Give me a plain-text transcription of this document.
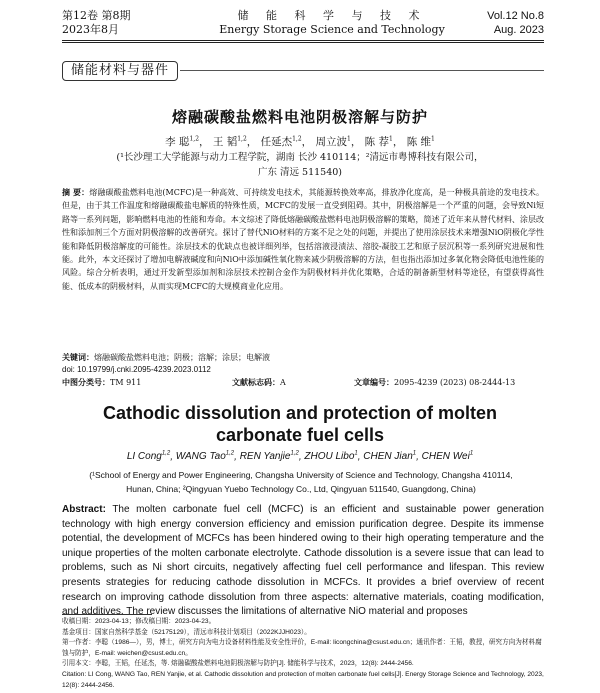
第12卷 第8期
2023年8月
储 能 科 学 与 技 术
Energy Storage Science and Technology
Vol.12 No.8
Aug. 2023
储能材料与器件
熔融碳酸盐燃料电池阴极溶解与防护
李 聪$^{1,2}$， 王 韬$^{1,2}$， 任延杰$^{1,2}$， 周立波$^1$， 陈 荐$^1$， 陈 维$^1$
(¹长沙理工大学能源与动力工程学院，湖南 长沙 410114；²清远市粤博科技有限公司，
广东 清远 511540)
摘 要：熔融碳酸盐燃料电池(MCFC)是一种高效、可持续发电技术，其能源转换效率高，排放净化度高，是一种极具前途的发电技术。但是，由于其工作温度和熔融碳酸盐电解质的特殊性质，MCFC的发展一直受到阻碍。其中，阴极溶解是一个严重的问题，会导致Ni短路等一系列问题，影响燃料电池的性能和寿命。本文综述了降低熔融碳酸盐燃料电池阴极溶解的策略，简述了近年来从替代材料、涂层改性和添加剂三个方面对阴极溶解的改善研究。探讨了替代NiO材料的方案不足之处的问题，并提出了使用涂层技术来增强NiO阴极化学性能和降低阴极溶解度的可能性。涂层技术的优缺点也被详细列举，包括溶液浸渍法、溶胶-凝胶工艺和原子层沉积等一系列研究进展和性能。此外，本文还探讨了增加电解液碱度和向NiO中添加碱性氧化物来减少阴极溶解的方法，但也指出添加过多氧化物会降低电池性能的风险。综合分析表明，通过开发新型添加剂和涂层技术控制合金作为阴极材料并优化策略，合适的制备新型材料等途径，有望获得高性能、低成本的阴极材料，从而实现MCFC的大规模商业化应用。
关键词：熔融碳酸盐燃料电池；阴极；溶解；涂层；电解液
doi: 10.19799/j.cnki.2095-4239.2023.0112
中图分类号： TM 911	文献标志码： A	文章编号： 2095-4239 (2023) 08-2444-13
Cathodic dissolution and protection of molten
carbonate fuel cells
LI Cong$^{1,2}$, WANG Tao$^{1,2}$, REN Yanjie$^{1,2}$, ZHOU Libo$^1$, CHEN Jian$^1$, CHEN Wei$^1$
(¹School of Energy and Power Engineering, Changsha University of Science and Technology, Changsha 410114,
Hunan, China; ²Qingyuan Yuebo Technology Co., Ltd, Qingyuan 511540, Guangdong, China)
Abstract: The molten carbonate fuel cell (MCFC) is an efficient and sustainable power generation technology with high energy conversion efficiency and emission purification degree. Despite its immense potential, the development of MCFCs has been hindered owing to their high operating temperature and the unique properties of the molten carbonate electrolyte. Cathode dissolution is a severe issue that can lead to problems, such as Ni short circuits, negatively affecting fuel cell performance and lifespan. This review presents strategies for reducing cathode dissolution in MCFCs. It provides a brief overview of recent research on improving cathode dissolution from three aspects: alternative materials, coating modification, and additives. The review discusses the limitations of alternative NiO material and proposes
收稿日期：2023-04-13；修改稿日期：2023-04-23。
基金项目：国家自然科学基金（52175129），清远市科技计划项目（2022KJJH023）。
第一作者：李聪（1986—），男，博士，研究方向为电力设备材料性能及安全性评价，E-mail: licongchina@csust.edu.cn；通讯作者：王韬，教授，研究方向为材料腐蚀与防护，E-mail: weichen@csust.edu.cn。
引用本文：李聪，王韬，任延杰，等. 熔融碳酸盐燃料电池阴极溶解与防护[J]. 储能科学与技术，2023，12(8): 2444-2456.
Citation: LI Cong, WANG Tao, REN Yanjie, et al. Cathodic dissolution and protection of molten carbonate fuel cells[J]. Energy Storage Science and Technology, 2023, 12(8): 2444-2456.
